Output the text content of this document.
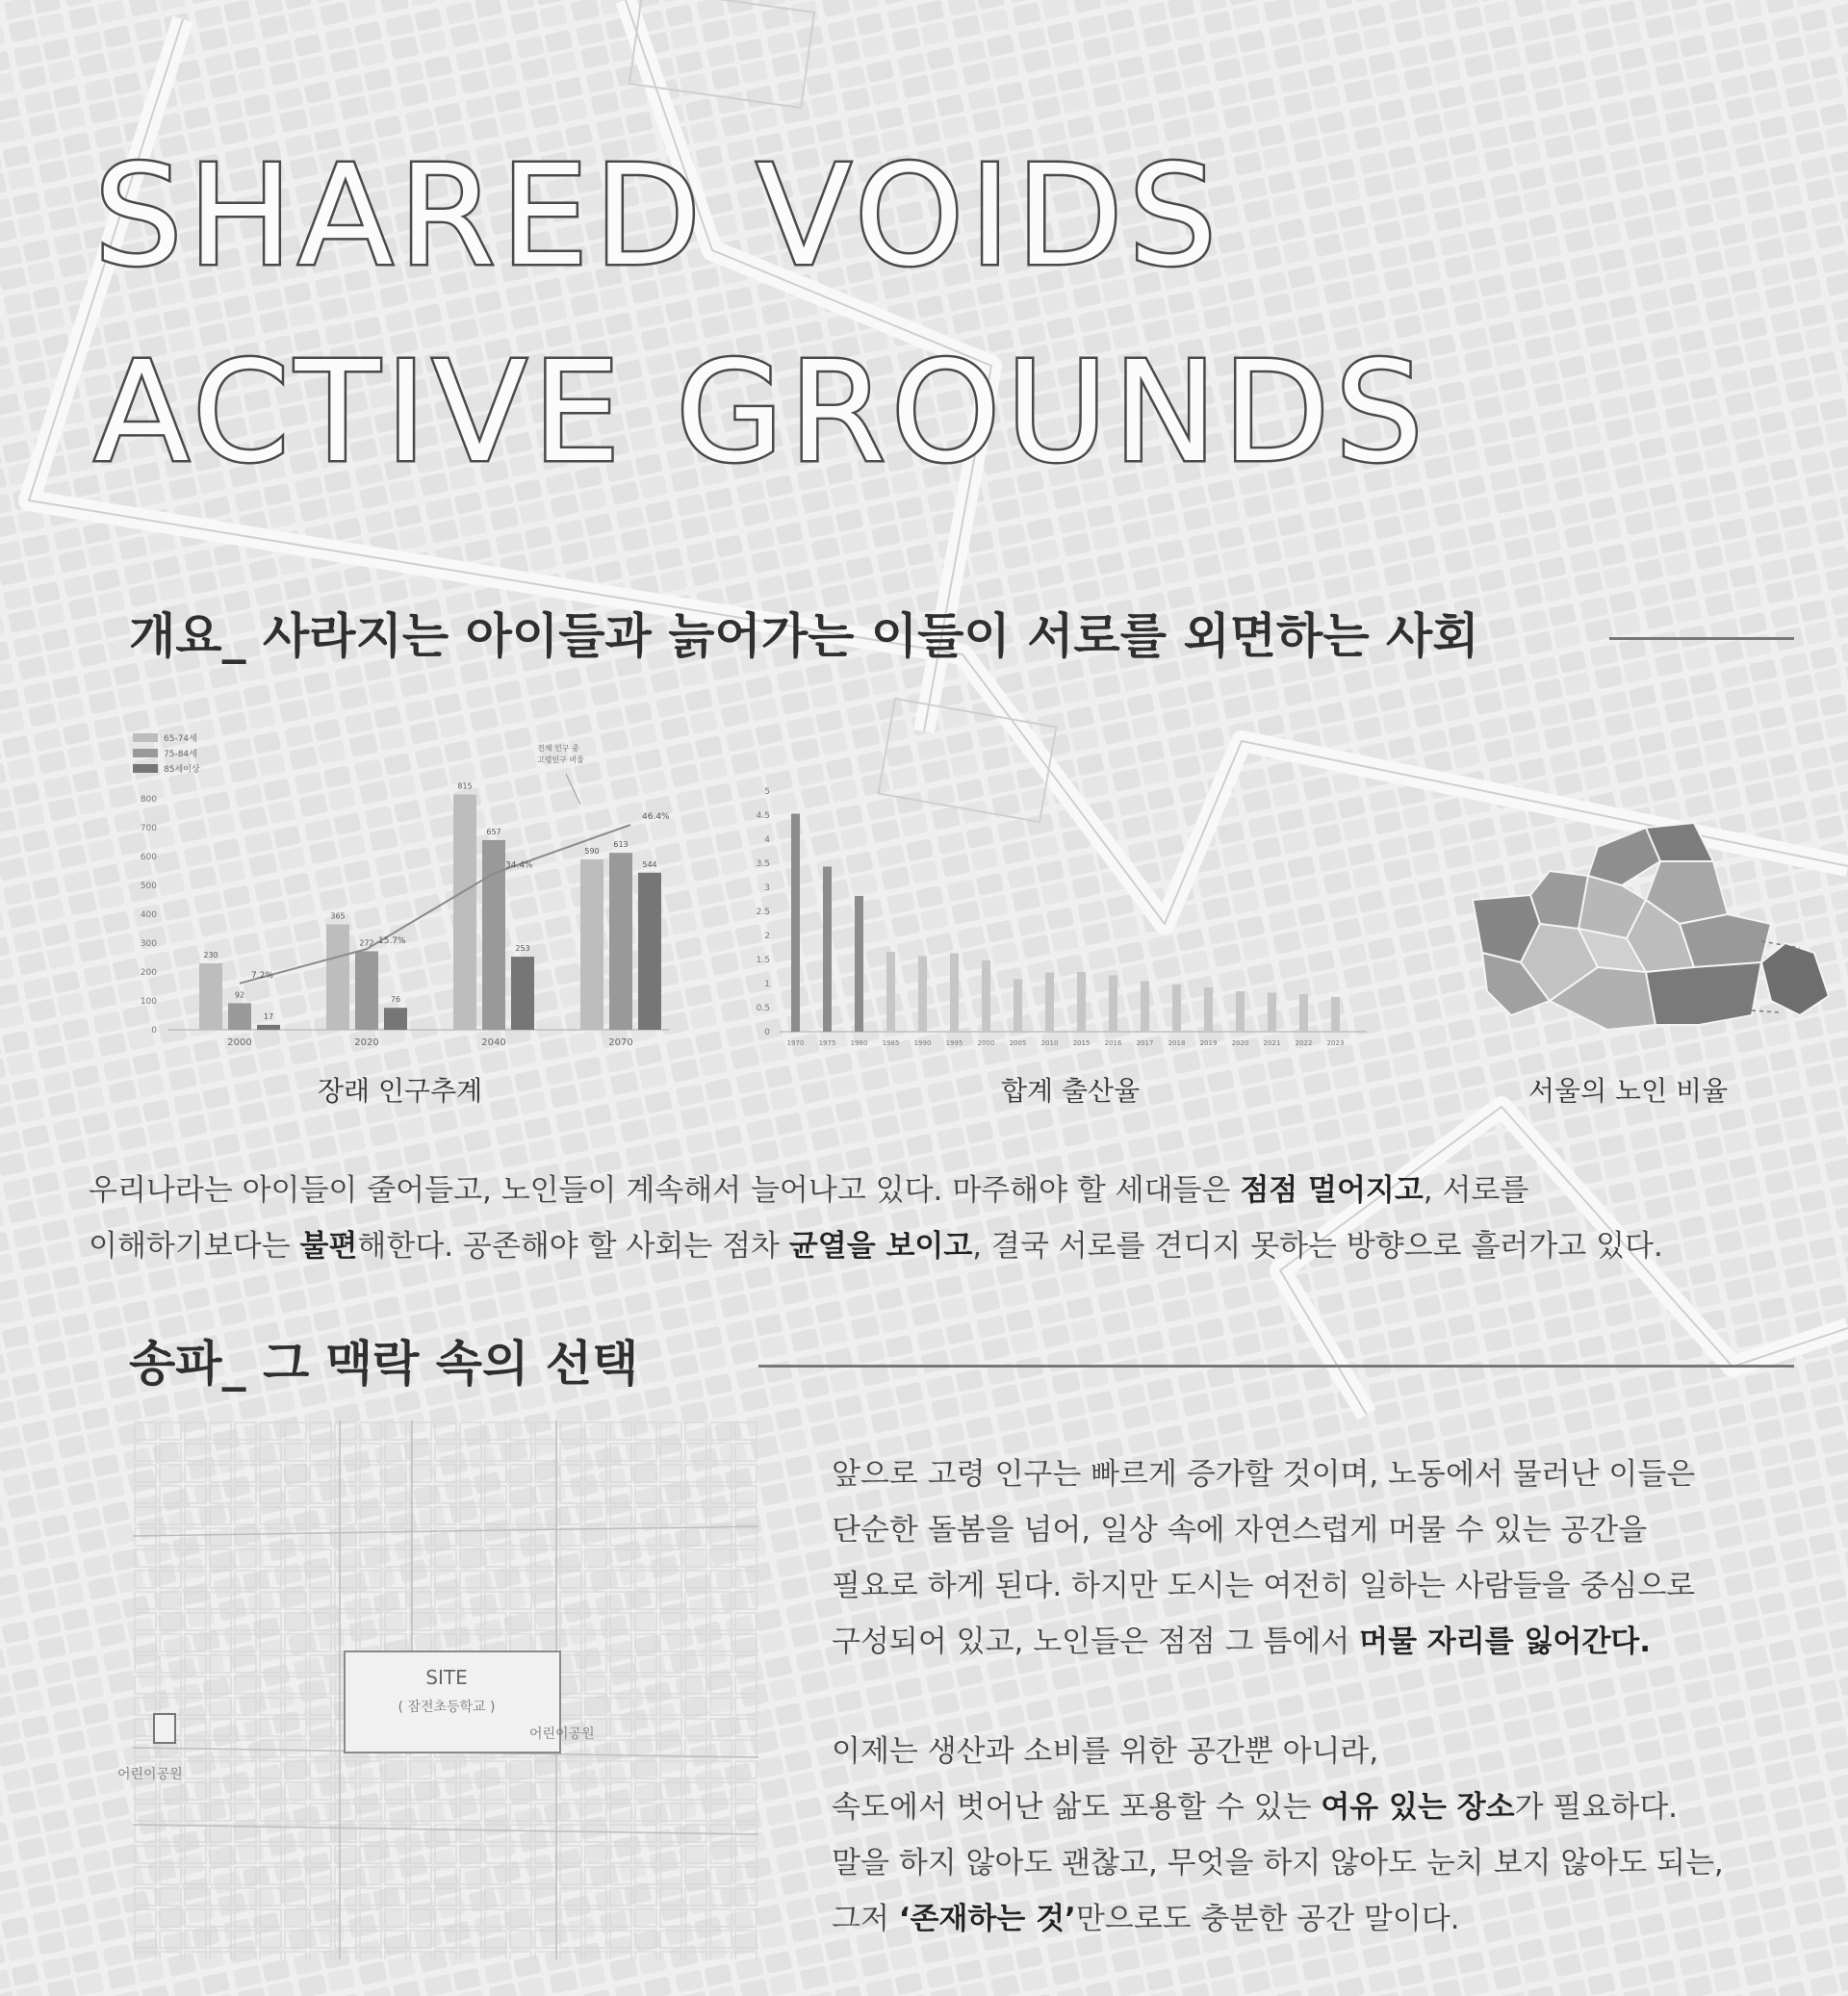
SHARED VOIDS
ACTIVE GROUNDS
개요_ 사라지는 아이들과 늙어가는 이들이 서로를 외면하는 사회
0
100
200
300
400
500
600
700
800
65-74세
75-84세
85세이상
230
92
17
2000
365
272
76
2020
815
657
253
2040
590
613
544
2070
7.2%
15.7%
34.4%
46.4%
전체 인구 중
고령인구 비율
장래 인구추계
0
0.5
1
1.5
2
2.5
3
3.5
4
4.5
5
1970 1975 1980 1985 1990 1995 2000 2005 2010 2015 2016 2017 2018 2019 2020 2021 2022 2023
합계 출산율	서울의 노인 비율

우리나라는 아이들이 줄어들고, 노인들이 계속해서 늘어나고 있다. 마주해야 할 세대들은 점점 멀어지고, 서로를

이해하기보다는 불편해한다. 공존해야 할 사회는 점차 균열을 보이고, 결국 서로를 견디지 못하는 방향으로 흘러가고 있다.

송파_ 그 맥락 속의 선택
SITE
( 잠전초등학교 )
어린이공원
어린이공원

앞으로 고령 인구는 빠르게 증가할 것이며, 노동에서 물러난 이들은

단순한 돌봄을 넘어, 일상 속에 자연스럽게 머물 수 있는 공간을

필요로 하게 된다. 하지만 도시는 여전히 일하는 사람들을 중심으로

구성되어 있고, 노인들은 점점 그 틈에서 머물 자리를 잃어간다.

이제는 생산과 소비를 위한 공간뿐 아니라,

속도에서 벗어난 삶도 포용할 수 있는 여유 있는 장소가 필요하다.

말을 하지 않아도 괜찮고, 무엇을 하지 않아도 눈치 보지 않아도 되는,

그저 ‘존재하는 것’만으로도 충분한 공간 말이다.
